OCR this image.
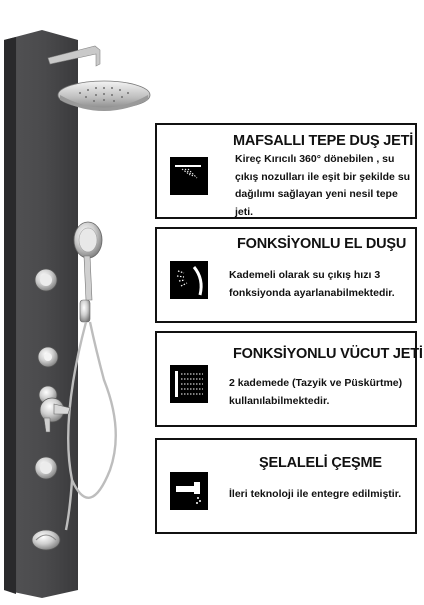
MAFSALLI TEPE DUŞ JETİ
Kireç Kırıcılı 360° dönebilen , su
çıkış nozulları ile eşit bir şekilde su
dağılımı sağlayan yeni nesil tepe
jeti.
FONKSİYONLU EL DUŞU
Kademeli olarak su çıkış hızı 3
fonksiyonda ayarlanabilmektedir.
FONKSİYONLU VÜCUT JETİ
2 kademede (Tazyik ve Püskürtme)
kullanılabilmektedir.
ŞELALELİ ÇEŞME
İleri teknoloji ile entegre edilmiştir.
